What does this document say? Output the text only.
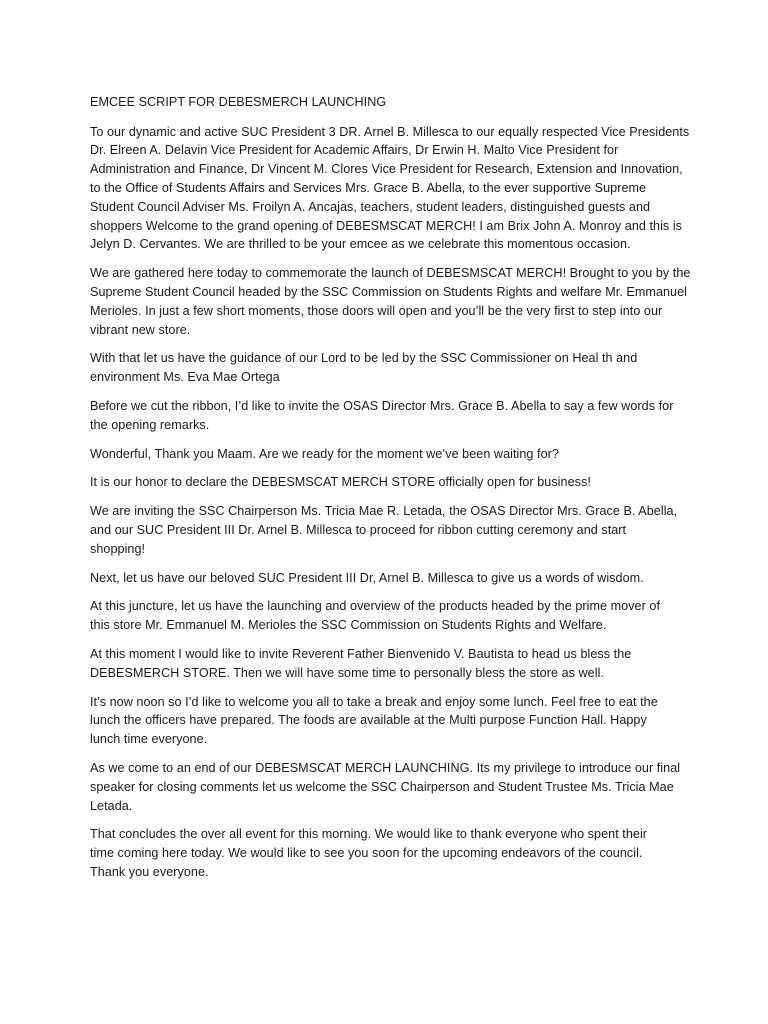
EMCEE SCRIPT FOR DEBESMERCH LAUNCHING

To our dynamic and active SUC President 3 DR. Arnel B. Millesca to our equally respected Vice Presidents
Dr. Elreen A. Delavin Vice President for Academic Affairs, Dr Erwin H. Malto Vice President for
Administration and Finance, Dr Vincent M. Clores Vice President for Research, Extension and Innovation,
to the Office of Students Affairs and Services Mrs. Grace B. Abella, to the ever supportive Supreme
Student Council Adviser Ms. Froilyn A. Ancajas, teachers, student leaders, distinguished guests and
shoppers Welcome to the grand opening of DEBESMSCAT MERCH! I am Brix John A. Monroy and this is
Jelyn D. Cervantes. We are thrilled to be your emcee as we celebrate this momentous occasion.

We are gathered here today to commemorate the launch of DEBESMSCAT MERCH! Brought to you by the
Supreme Student Council headed by the SSC Commission on Students Rights and welfare Mr. Emmanuel
Merioles. In just a few short moments, those doors will open and you’ll be the very first to step into our
vibrant new store.

With that let us have the guidance of our Lord to be led by the SSC Commissioner on Heal th and
environment Ms. Eva Mae Ortega

Before we cut the ribbon, I’d like to invite the OSAS Director Mrs. Grace B. Abella to say a few words for
the opening remarks.

Wonderful, Thank you Maam. Are we ready for the moment we’ve been waiting for?

It is our honor to declare the DEBESMSCAT MERCH STORE officially open for business!

We are inviting the SSC Chairperson Ms. Tricia Mae R. Letada, the OSAS Director Mrs. Grace B. Abella,
and our SUC President III Dr. Arnel B. Millesca to proceed for ribbon cutting ceremony and start
shopping!

Next, let us have our beloved SUC President III Dr, Arnel B. Millesca to give us a words of wisdom.

At this juncture, let us have the launching and overview of the products headed by the prime mover of
this store Mr. Emmanuel M. Merioles the SSC Commission on Students Rights and Welfare.

At this moment I would like to invite Reverent Father Bienvenido V. Bautista to head us bless the
DEBESMERCH STORE. Then we will have some time to personally bless the store as well.

It’s now noon so I’d like to welcome you all to take a break and enjoy some lunch. Feel free to eat the
lunch the officers have prepared. The foods are available at the Multi purpose Function Hall. Happy
lunch time everyone.

As we come to an end of our DEBESMSCAT MERCH LAUNCHING. Its my privilege to introduce our final
speaker for closing comments let us welcome the SSC Chairperson and Student Trustee Ms. Tricia Mae
Letada.

That concludes the over all event for this morning. We would like to thank everyone who spent their
time coming here today. We would like to see you soon for the upcoming endeavors of the council.
Thank you everyone.
